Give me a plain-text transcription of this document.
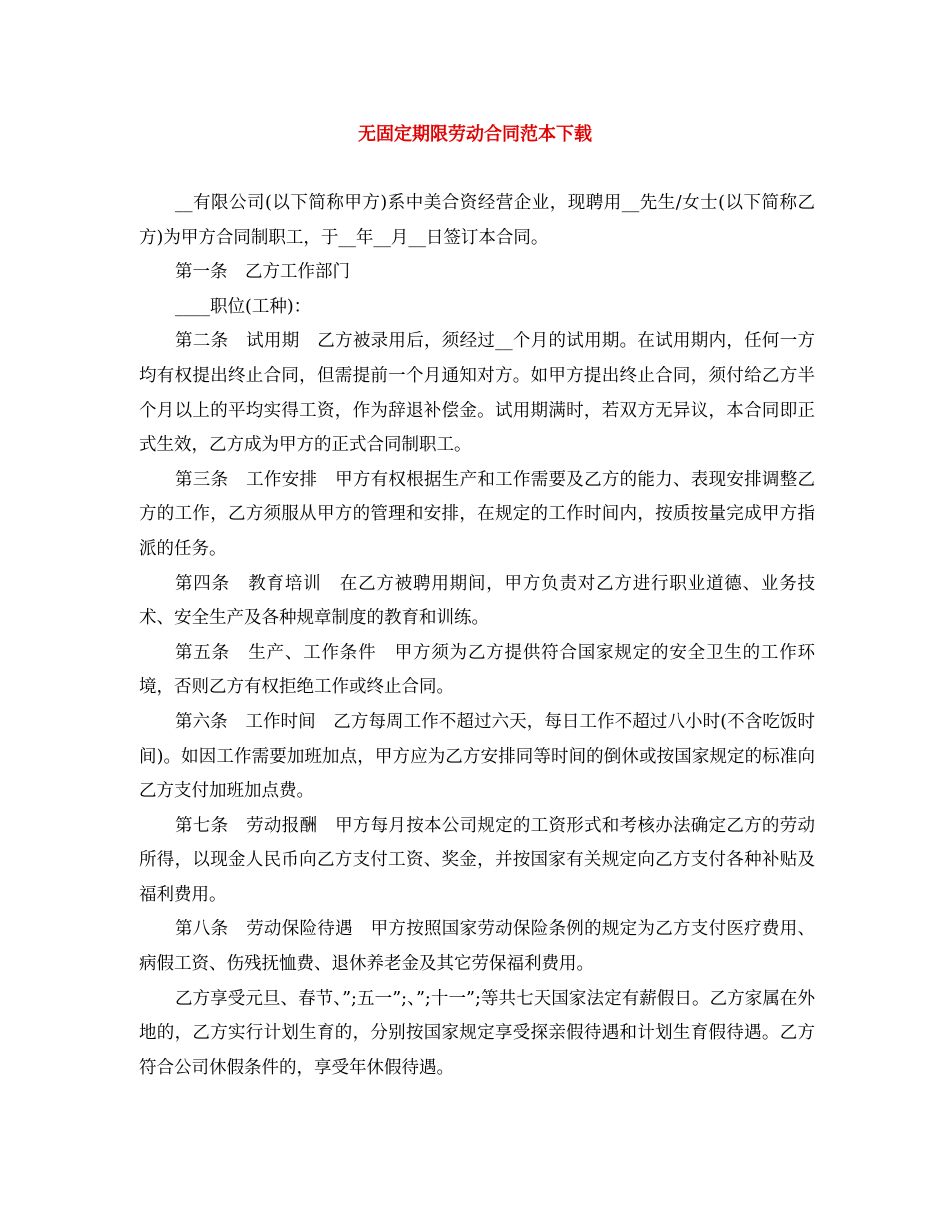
无固定期限劳动合同范本下载

__有限公司(以下简称甲方)系中美合资经营企业，现聘用__先生/女士(以下简称乙方)为甲方合同制职工，于__年__月__日签订本合同。

第一条　乙方工作部门

____职位(工种)：

第二条　试用期　乙方被录用后，须经过__个月的试用期。在试用期内，任何一方均有权提出终止合同，但需提前一个月通知对方。如甲方提出终止合同，须付给乙方半个月以上的平均实得工资，作为辞退补偿金。试用期满时，若双方无异议，本合同即正式生效，乙方成为甲方的正式合同制职工。

第三条　工作安排　甲方有权根据生产和工作需要及乙方的能力、表现安排调整乙方的工作，乙方须服从甲方的管理和安排，在规定的工作时间内，按质按量完成甲方指派的任务。

第四条　教育培训　在乙方被聘用期间，甲方负责对乙方进行职业道德、业务技术、安全生产及各种规章制度的教育和训练。

第五条　生产、工作条件　甲方须为乙方提供符合国家规定的安全卫生的工作环境，否则乙方有权拒绝工作或终止合同。

第六条　工作时间　乙方每周工作不超过六天，每日工作不超过八小时(不含吃饭时间)。如因工作需要加班加点，甲方应为乙方安排同等时间的倒休或按国家规定的标准向乙方支付加班加点费。

第七条　劳动报酬　甲方每月按本公司规定的工资形式和考核办法确定乙方的劳动所得，以现金人民币向乙方支付工资、奖金，并按国家有关规定向乙方支付各种补贴及福利费用。

第八条　劳动保险待遇　甲方按照国家劳动保险条例的规定为乙方支付医疗费用、病假工资、伤残抚恤费、退休养老金及其它劳保福利费用。

乙方享受元旦、春节、”;五一”;、”;十一”;等共七天国家法定有薪假日。乙方家属在外地的，乙方实行计划生育的，分别按国家规定享受探亲假待遇和计划生育假待遇。乙方符合公司休假条件的，享受年休假待遇。
